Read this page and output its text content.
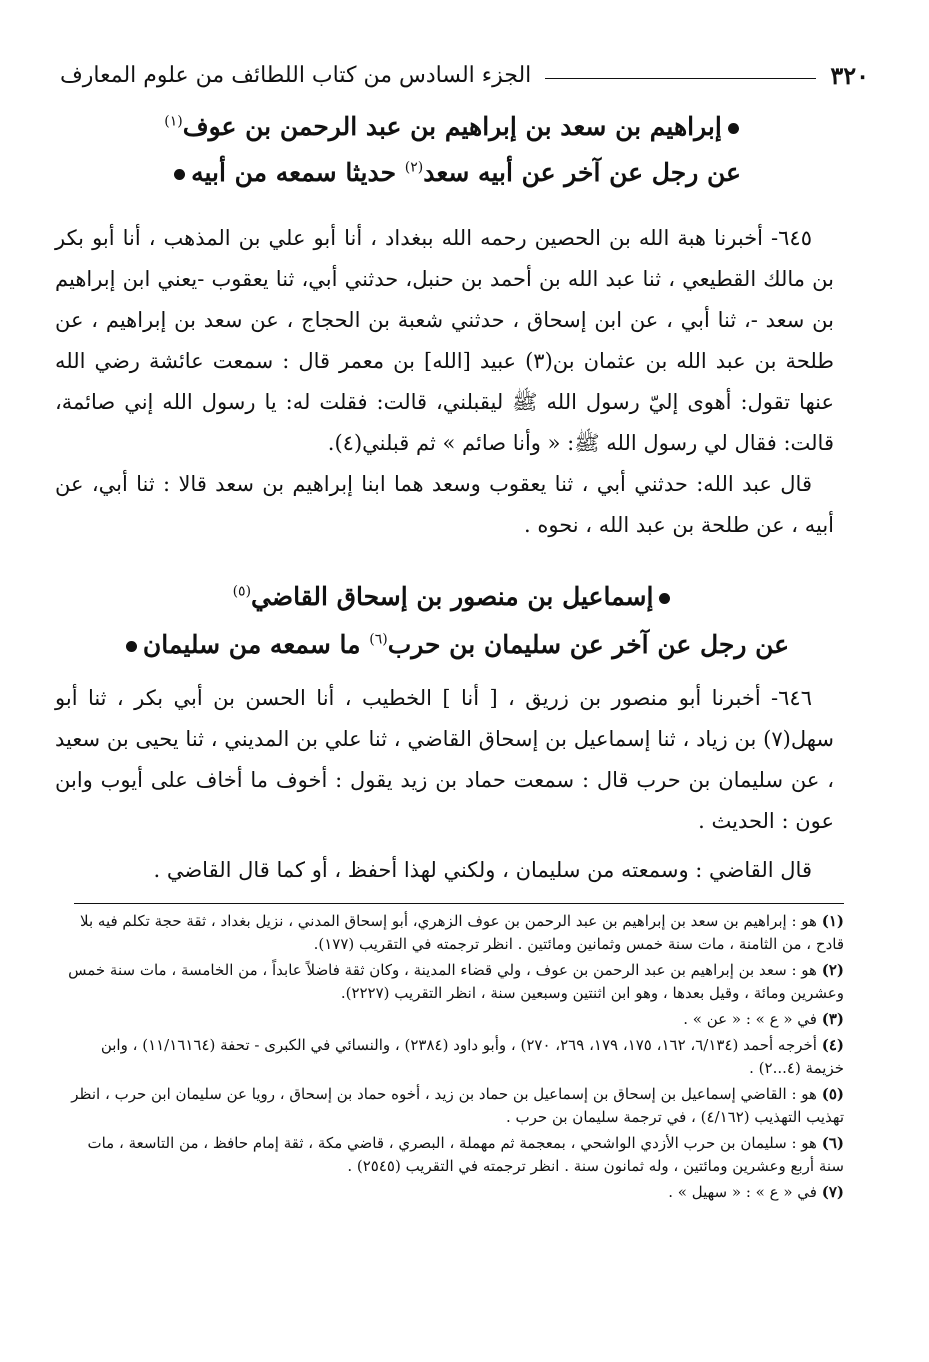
٣٢٠
الجزء السادس من كتاب اللطائف من علوم المعارف
إبراهيم بن سعد بن إبراهيم بن عبد الرحمن بن عوف$^{(١)}$
عن رجل عن آخر عن أبيه سعد$^{(٢)}$ حديثا سمعه من أبيه

٦٤٥- أخبرنا هبة الله بن الحصين رحمه الله ببغداد ، أنا أبو علي بن المذهب ، أنا أبو بكر بن مالك القطيعي ، ثنا عبد الله بن أحمد بن حنبل، حدثني أبي، ثنا يعقوب -يعني ابن إبراهيم بن سعد -، ثنا أبي ، عن ابن إسحاق ، حدثني شعبة بن الحجاج ، عن سعد بن إبراهيم ، عن طلحة بن عبد الله بن عثمان بن(٣) عبيد [الله] بن معمر قال : سمعت عائشة رضي الله عنها تقول: أهوى إليّ رسول الله ﷺ ليقبلني، قالت: فقلت له: يا رسول الله إني صائمة، قالت: فقال لي رسول الله ﷺ: « وأنا صائم » ثم قبلني(٤).

قال عبد الله: حدثني أبي ، ثنا يعقوب وسعد هما ابنا إبراهيم بن سعد قالا : ثنا أبي، عن أبيه ، عن طلحة بن عبد الله ، نحوه .

إسماعيل بن منصور بن إسحاق القاضي$^{(٥)}$
عن رجل عن آخر عن سليمان بن حرب$^{(٦)}$ ما سمعه من سليمان

٦٤٦- أخبرنا أبو منصور بن زريق ، [ أنا ] الخطيب ، أنا الحسن بن أبي بكر ، ثنا أبو سهل(٧) بن زياد ، ثنا إسماعيل بن إسحاق القاضي ، ثنا علي بن المديني ، ثنا يحيى بن سعيد ، عن سليمان بن حرب قال : سمعت حماد بن زيد يقول : أخوف ما أخاف على أيوب وابن عون : الحديث .

قال القاضي : وسمعته من سليمان ، ولكني لهذا أحفظ ، أو كما قال القاضي .

(١) هو : إبراهيم بن سعد بن إبراهيم بن عبد الرحمن بن عوف الزهري، أبو إسحاق المدني ، نزيل بغداد ، ثقة حجة تكلم فيه بلا قادح ، من الثامنة ، مات سنة خمس وثمانين ومائتين . انظر ترجمته في التقريب (١٧٧).

(٢) هو : سعد بن إبراهيم بن عبد الرحمن بن عوف ، ولي قضاء المدينة ، وكان ثقة فاضلاً عابداً ، من الخامسة ، مات سنة خمس وعشرين ومائة ، وقيل بعدها ، وهو ابن اثنتين وسبعين سنة ، انظر التقريب (٢٢٢٧).

(٣) في « ع » : « عن » .

(٤) أخرجه أحمد (٦/١٣٤، ١٦٢، ١٧٥، ١٧٩، ٢٦٩، ٢٧٠) ، وأبو داود (٢٣٨٤) ، والنسائي في الكبرى - تحفة (١١/١٦١٦٤) ، وابن خزيمة (٤...٢) .

(٥) هو : القاضي إسماعيل بن إسحاق بن إسماعيل بن حماد بن زيد ، أخوه حماد بن إسحاق ، رويا عن سليمان ابن حرب ، انظر تهذيب التهذيب (٤/١٦٢) ، في ترجمة سليمان بن حرب .

(٦) هو : سليمان بن حرب الأزدي الواشحي ، بمعجمة ثم مهملة ، البصري ، قاضي مكة ، ثقة إمام حافظ ، من التاسعة ، مات سنة أربع وعشرين ومائتين ، وله ثمانون سنة . انظر ترجمته في التقريب (٢٥٤٥) .

(٧) في « ع » : « سهيل » .
